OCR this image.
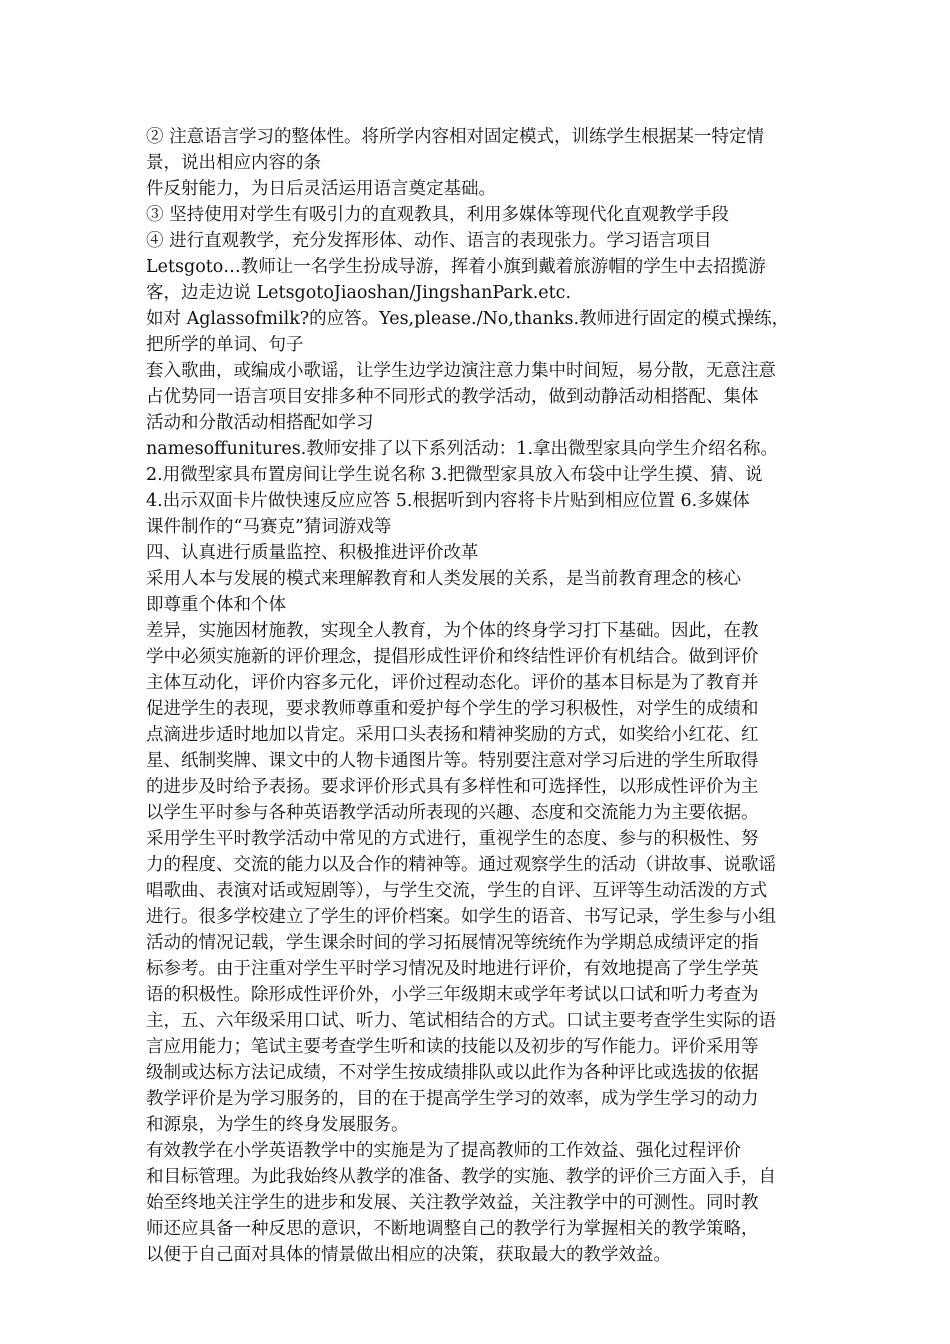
② 注意语言学习的整体性。将所学内容相对固定模式，训练学生根据某一特定情

景，说出相应内容的条

件反射能力，为日后灵活运用语言奠定基础。

③ 坚持使用对学生有吸引力的直观教具，利用多媒体等现代化直观教学手段

④ 进行直观教学，充分发挥形体、动作、语言的表现张力。学习语言项目

Letsgoto…教师让一名学生扮成导游，挥着小旗到戴着旅游帽的学生中去招揽游

客，边走边说 LetsgotoJiaoshan/JingshanPark.etc.

如对 Aglassofmilk?的应答。Yes,please./No,thanks.教师进行固定的模式操练，

把所学的单词、句子

套入歌曲，或编成小歌谣，让学生边学边演注意力集中时间短，易分散，无意注意

占优势同一语言项目安排多种不同形式的教学活动，做到动静活动相搭配、集体

活动和分散活动相搭配如学习

namesoffunitures.教师安排了以下系列活动：1.拿出微型家具向学生介绍名称。

2.用微型家具布置房间让学生说名称 3.把微型家具放入布袋中让学生摸、猜、说

4.出示双面卡片做快速反应应答 5.根据听到内容将卡片贴到相应位置 6.多媒体

课件制作的“马赛克”猜词游戏等

四、认真进行质量监控、积极推进评价改革

采用人本与发展的模式来理解教育和人类发展的关系，是当前教育理念的核心

即尊重个体和个体

差异，实施因材施教，实现全人教育，为个体的终身学习打下基础。因此，在教

学中必须实施新的评价理念，提倡形成性评价和终结性评价有机结合。做到评价

主体互动化，评价内容多元化，评价过程动态化。评价的基本目标是为了教育并

促进学生的表现，要求教师尊重和爱护每个学生的学习积极性，对学生的成绩和

点滴进步适时地加以肯定。采用口头表扬和精神奖励的方式，如奖给小红花、红

星、纸制奖牌、课文中的人物卡通图片等。特别要注意对学习后进的学生所取得

的进步及时给予表扬。要求评价形式具有多样性和可选择性，以形成性评价为主

以学生平时参与各种英语教学活动所表现的兴趣、态度和交流能力为主要依据。

采用学生平时教学活动中常见的方式进行，重视学生的态度、参与的积极性、努

力的程度、交流的能力以及合作的精神等。通过观察学生的活动（讲故事、说歌谣

唱歌曲、表演对话或短剧等），与学生交流，学生的自评、互评等生动活泼的方式

进行。很多学校建立了学生的评价档案。如学生的语音、书写记录，学生参与小组

活动的情况记载，学生课余时间的学习拓展情况等统统作为学期总成绩评定的指

标参考。由于注重对学生平时学习情况及时地进行评价，有效地提高了学生学英

语的积极性。除形成性评价外，小学三年级期末或学年考试以口试和听力考查为

主，五、六年级采用口试、听力、笔试相结合的方式。口试主要考查学生实际的语

言应用能力；笔试主要考查学生听和读的技能以及初步的写作能力。评价采用等

级制或达标方法记成绩，不对学生按成绩排队或以此作为各种评比或选拔的依据

教学评价是为学习服务的，目的在于提高学生学习的效率，成为学生学习的动力

和源泉，为学生的终身发展服务。

有效教学在小学英语教学中的实施是为了提高教师的工作效益、强化过程评价

和目标管理。为此我始终从教学的准备、教学的实施、教学的评价三方面入手，自

始至终地关注学生的进步和发展、关注教学效益，关注教学中的可测性。同时教

师还应具备一种反思的意识，不断地调整自己的教学行为掌握相关的教学策略，

以便于自己面对具体的情景做出相应的决策，获取最大的教学效益。
